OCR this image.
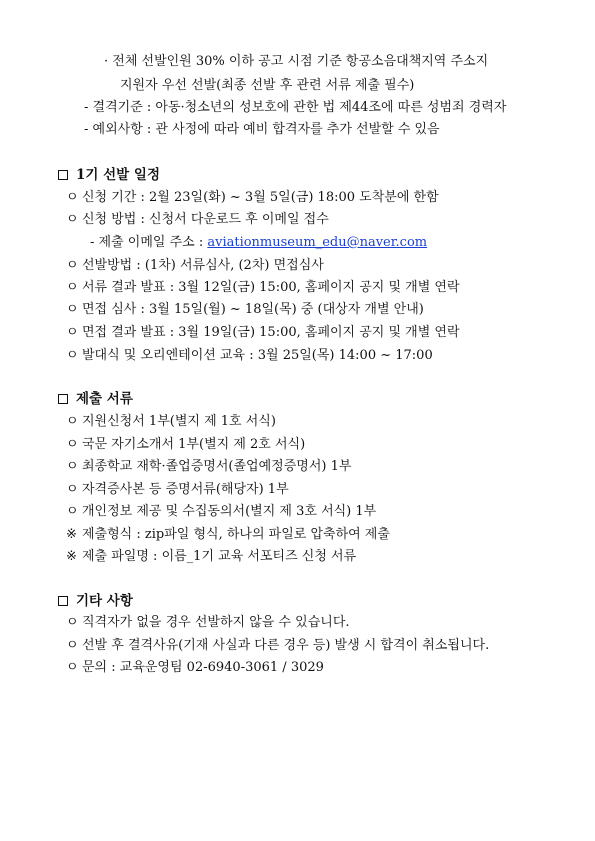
· 전체 선발인원 30% 이하 공고 시점 기준 항공소음대책지역 주소지
지원자 우선 선발(최종 선발 후 관련 서류 제출 필수)
- 결격기준 : 아동·청소년의 성보호에 관한 법 제44조에 따른 성범죄 경력자
- 예외사항 : 관 사정에 따라 예비 합격자를 추가 선발할 수 있음
1기 선발 일정
ㅇ 신청 기간 : 2월 23일(화) ~ 3월 5일(금) 18:00 도착분에 한함
ㅇ 신청 방법 : 신청서 다운로드 후 이메일 접수
- 제출 이메일 주소 : aviationmuseum_edu@naver.com
ㅇ 선발방법 : (1차) 서류심사, (2차) 면접심사
ㅇ 서류 결과 발표 : 3월 12일(금) 15:00, 홈페이지 공지 및 개별 연락
ㅇ 면접 심사 : 3월 15일(월) ~ 18일(목) 중 (대상자 개별 안내)
ㅇ 면접 결과 발표 : 3월 19일(금) 15:00, 홈페이지 공지 및 개별 연락
ㅇ 발대식 및 오리엔테이션 교육 : 3월 25일(목) 14:00 ~ 17:00
제출 서류
ㅇ 지원신청서 1부(별지 제 1호 서식)
ㅇ 국문 자기소개서 1부(별지 제 2호 서식)
ㅇ 최종학교 재학·졸업증명서(졸업예정증명서) 1부
ㅇ 자격증사본 등 증명서류(해당자) 1부
ㅇ 개인정보 제공 및 수집동의서(별지 제 3호 서식) 1부
※ 제출형식 : zip파일 형식, 하나의 파일로 압축하여 제출
※ 제출 파일명 : 이름_1기 교육 서포티즈 신청 서류
기타 사항
ㅇ 직격자가 없을 경우 선발하지 않을 수 있습니다.
ㅇ 선발 후 결격사유(기재 사실과 다른 경우 등) 발생 시 합격이 취소됩니다.
ㅇ 문의 : 교육운영팀 02-6940-3061 / 3029
